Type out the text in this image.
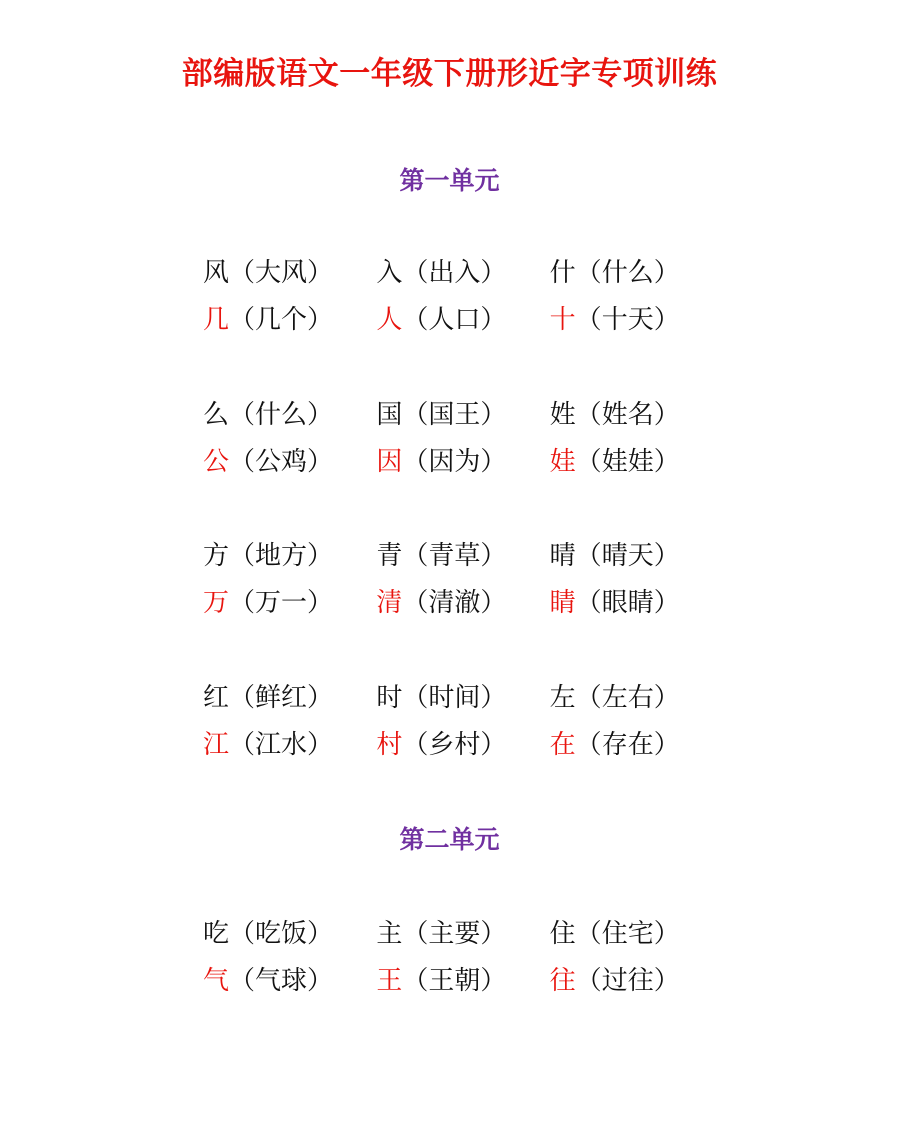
部编版语文一年级下册形近字专项训练
第一单元
风（大风）	入（出入）	什（什么）
几（几个）	人（人口）	十（十天）
么（什么）	国（国王）	姓（姓名）
公（公鸡）	因（因为）	娃（娃娃）
方（地方）	青（青草）	晴（晴天）
万（万一）	清（清澈）	睛（眼睛）
红（鲜红）	时（时间）	左（左右）
江（江水）	村（乡村）	在（存在）
第二单元
吃（吃饭）	主（主要）	住（住宅）
气（气球）	王（王朝）	往（过往）
